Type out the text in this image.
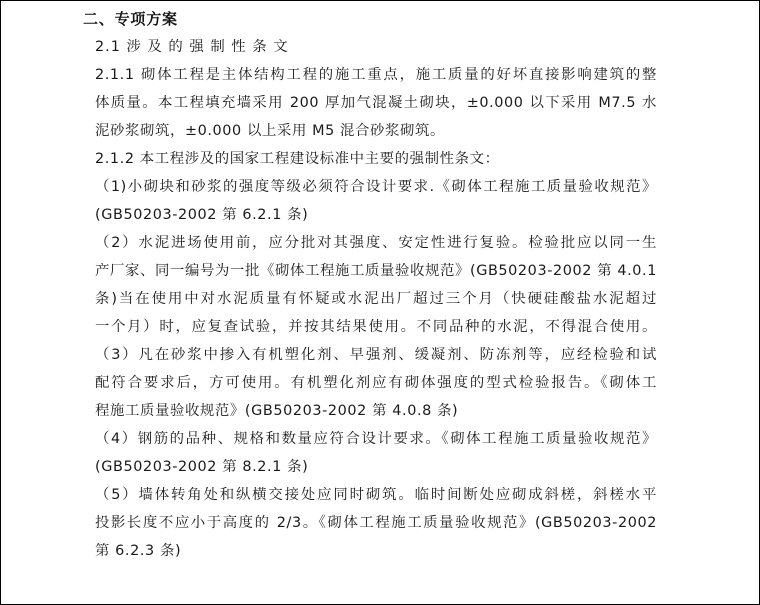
二、专项方案
2.1 涉 及 的 强 制 性 条 文
2.1.1 砌体工程是主体结构工程的施工重点，施工质量的好坏直接影响建筑的整
体质量。本工程填充墙采用 200 厚加气混凝土砌块，±0.000 以下采用 M7.5 水
泥砂浆砌筑，±0.000 以上采用 M5 混合砂浆砌筑。
2.1.2 本工程涉及的国家工程建设标准中主要的强制性条文：
（1)小砌块和砂浆的强度等级必须符合设计要求.《砌体工程施工质量验收规范》
(GB50203-2002 第 6.2.1 条)
（2）水泥进场使用前，应分批对其强度、安定性进行复验。检验批应以同一生
产厂家、同一编号为一批《砌体工程施工质量验收规范》(GB50203-2002 第 4.0.1
条)当在使用中对水泥质量有怀疑或水泥出厂超过三个月（快硬硅酸盐水泥超过
一个月）时，应复查试验，并按其结果使用。不同品种的水泥，不得混合使用。
（3）凡在砂浆中掺入有机塑化剂、早强剂、缓凝剂、防冻剂等，应经检验和试
配符合要求后，方可使用。有机塑化剂应有砌体强度的型式检验报告。《砌体工
程施工质量验收规范》(GB50203-2002 第 4.0.8 条)
（4）钢筋的品种、规格和数量应符合设计要求。《砌体工程施工质量验收规范》
(GB50203-2002 第 8.2.1 条)
（5）墙体转角处和纵横交接处应同时砌筑。临时间断处应砌成斜槎，斜槎水平
投影长度不应小于高度的 2/3。《砌体工程施工质量验收规范》(GB50203-2002
第 6.2.3 条)
